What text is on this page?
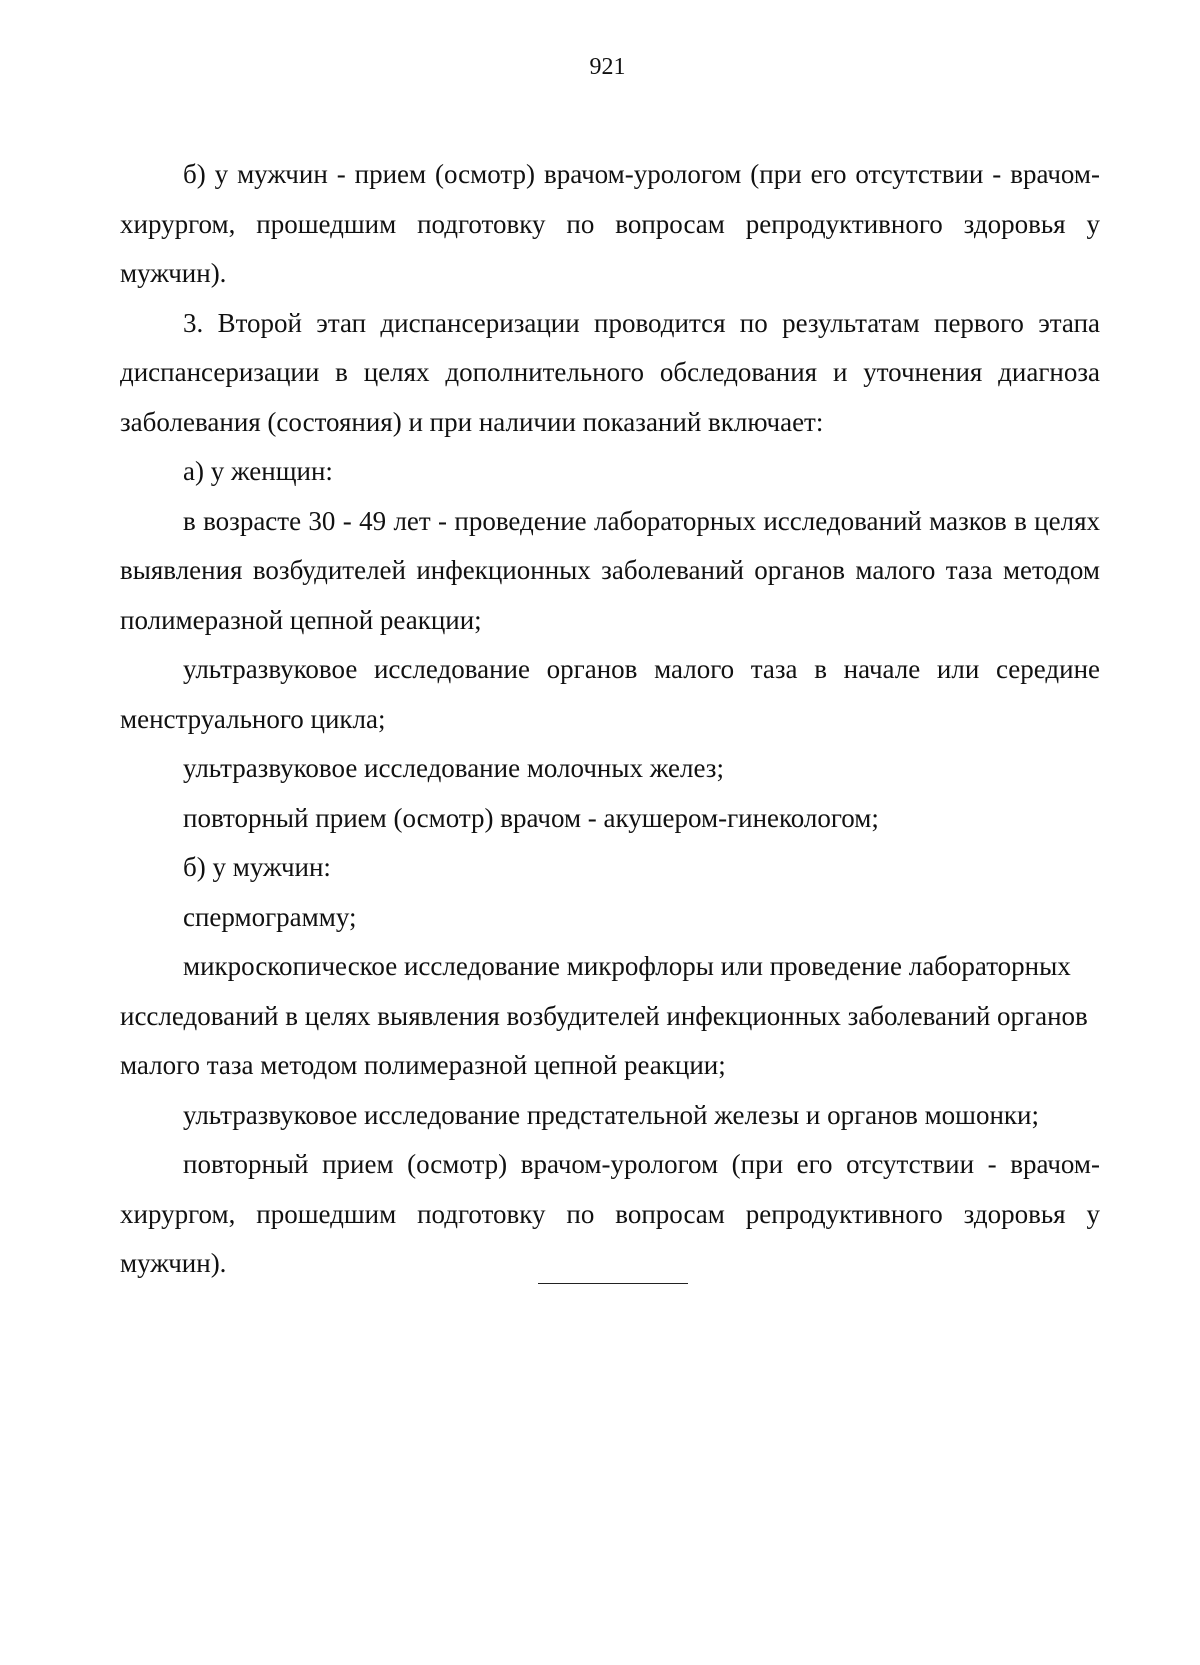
921

б) у мужчин - прием (осмотр) врачом-урологом (при его отсутствии - врачом-хирургом, прошедшим подготовку по вопросам репродуктивного здоровья у мужчин).

3. Второй этап диспансеризации проводится по результатам первого этапа диспансеризации в целях дополнительного обследования и уточнения диагноза заболевания (состояния) и при наличии показаний включает:

а) у женщин:

в возрасте 30 - 49 лет - проведение лабораторных исследований мазков в целях выявления возбудителей инфекционных заболеваний органов малого таза методом полимеразной цепной реакции;

ультразвуковое исследование органов малого таза в начале или середине менструального цикла;

ультразвуковое исследование молочных желез;

повторный прием (осмотр) врачом - акушером-гинекологом;

б) у мужчин:

спермограмму;

микроскопическое исследование микрофлоры или проведение лабораторных исследований в целях выявления возбудителей инфекционных заболеваний органов малого таза методом полимеразной цепной реакции;

ультразвуковое исследование предстательной железы и органов мошонки;

повторный прием (осмотр) врачом-урологом (при его отсутствии - врачом-хирургом, прошедшим подготовку по вопросам репродуктивного здоровья у мужчин).
